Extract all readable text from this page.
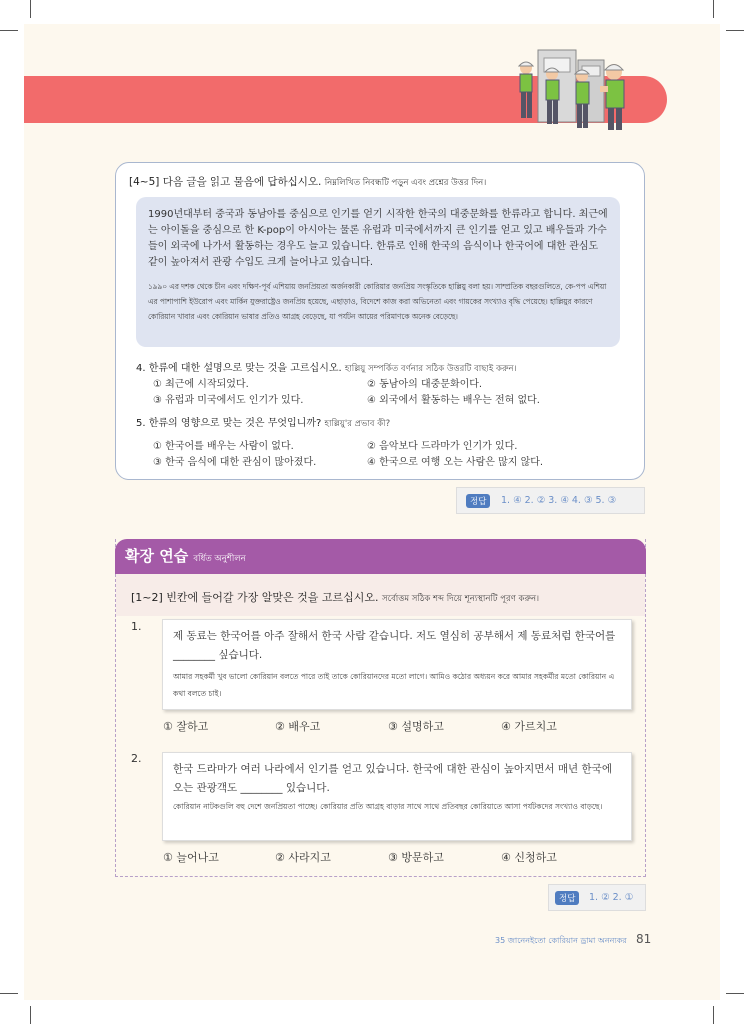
[4~5] 다음 글을 읽고 물음에 답하십시오. নিম্নলিখিত নিবন্ধটি পড়ুন এবং প্রশ্নের উত্তর দিন।
1990년대부터 중국과 동남아를 중심으로 인기를 얻기 시작한 한국의 대중문화를 한류라고 합니다. 최근에는 아이돌을 중심으로 한 K-pop이 아시아는 물론 유럽과 미국에서까지 큰 인기를 얻고 있고 배우들과 가수들이 외국에 나가서 활동하는 경우도 늘고 있습니다. 한류로 인해 한국의 음식이나 한국어에 대한 관심도 같이 높아져서 관광 수입도 크게 늘어나고 있습니다.
১৯৯০ এর দশক থেকে চীন এবং দক্ষিণ-পূর্ব এশিয়ায় জনপ্রিয়তা অর্জনকারী কোরিয়ার জনপ্রিয় সংস্কৃতিকে হাল্লিয়ু বলা হয়। সাম্প্রতিক বছরগুলিতে, কে-পপ এশিয়া এর পাশাপাশি ইউরোপ এবং মার্কিন যুক্তরাষ্ট্রেও জনপ্রিয় হয়েছে, এছাড়াও, বিদেশে কাজ করা অভিনেতা এবং গায়কের সংখ্যাও বৃদ্ধি পেয়েছে। হাল্লিয়ুর কারণে কোরিয়ান খাবার এবং কোরিয়ান ভাষার প্রতিও আগ্রহ বেড়েছে, যা পর্যটন আয়ের পরিমাণকে অনেক বেড়েছে।
4. 한류에 대한 설명으로 맞는 것을 고르십시오. হাল্লিয়ু সম্পর্কিত বর্ণনার সঠিক উত্তরটি বাছাই করুন।
① 최근에 시작되었다.	② 동남아의 대중문화이다.
③ 유럽과 미국에서도 인기가 있다.	④ 외국에서 활동하는 배우는 전혀 없다.
5. 한류의 영향으로 맞는 것은 무엇입니까? হাল্লিয়ু'র প্রভাব কী?
① 한국어를 배우는 사람이 없다.	② 음악보다 드라마가 인기가 있다.
③ 한국 음식에 대한 관심이 많아졌다.	④ 한국으로 여행 오는 사람은 많지 않다.
정답	1. ④ 2. ② 3. ④ 4. ③ 5. ③
확장 연습 বর্ধিত অনুশীলন
[1~2] 빈칸에 들어갈 가장 알맞은 것을 고르십시오. সর্বোত্তম সঠিক শব্দ দিয়ে শূন্যস্থানটি পূরণ করুন।
1.
제 동료는 한국어를 아주 잘해서 한국 사람 같습니다. 저도 열심히 공부해서 제 동료처럼 한국어를 ________ 싶습니다.
আমার সহকর্মী খুব ভালো কোরিয়ান বলতে পারে তাই তাকে কোরিয়ানদের মতো লাগে। আমিও কঠোর অধ্যয়ন করে আমার সহকর্মীর মতো কোরিয়ান এ কথা বলতে চাই।
① 잘하고	② 배우고	③ 설명하고	④ 가르치고
2.
한국 드라마가 여러 나라에서 인기를 얻고 있습니다. 한국에 대한 관심이 높아지면서 매년 한국에 오는 관광객도 ________ 있습니다.
কোরিয়ান নাটকগুলি বহু দেশে জনপ্রিয়তা পাচ্ছে। কোরিয়ার প্রতি আগ্রহ বাড়ার সাথে সাথে প্রতিবছর কোরিয়াতে আসা পর্যটকদের সংখ্যাও বাড়ছে।
① 늘어나고	② 사라지고	③ 방문하고	④ 신청하고
정답	1. ② 2. ①
35 জানেনইতো কোরিয়ান ড্রামা অনন্যকর 81
